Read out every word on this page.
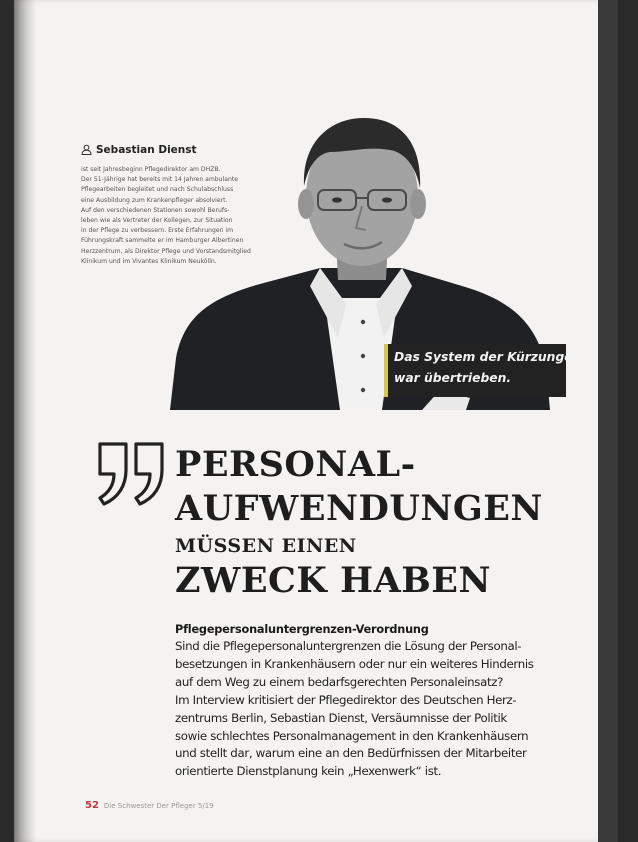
Sebastian Dienst

ist seit Jahresbeginn Pflegedirektor am DHZB.
Der 51-Jährige hat bereits mit 14 Jahren ambulante
Pflegearbeiten begleitet und nach Schulabschluss
eine Ausbildung zum Krankenpfleger absolviert.
Auf den verschiedenen Stationen sowohl Berufs-
leben wie als Vertreter der Kollegen, zur Situation
in der Pflege zu verbessern. Erste Erfahrungen im
Führungskraft sammelte er im Hamburger Albertinen
Herzzentrum, als Direktor Pflege und Vorstandsmitglied
Klinikum und im Vivantes Klinikum Neukölln.

Das System der Kürzungen
war übertrieben.
PERSONAL-
AUFWENDUNGEN
MÜSSEN EINEN
ZWECK HABEN
Pflegepersonaluntergrenzen-Verordnung
Sind die Pflegepersonaluntergrenzen die Lösung der Personal-
besetzungen in Krankenhäusern oder nur ein weiteres Hindernis
auf dem Weg zu einem bedarfsgerechten Personaleinsatz?
Im Interview kritisiert der Pflegedirektor des Deutschen Herz-
zentrums Berlin, Sebastian Dienst, Versäumnisse der Politik
sowie schlechtes Personalmanagement in den Krankenhäusern
und stellt dar, warum eine an den Bedürfnissen der Mitarbeiter
orientierte Dienstplanung kein „Hexenwerk“ ist.
52 Die Schwester Der Pfleger 5/19
